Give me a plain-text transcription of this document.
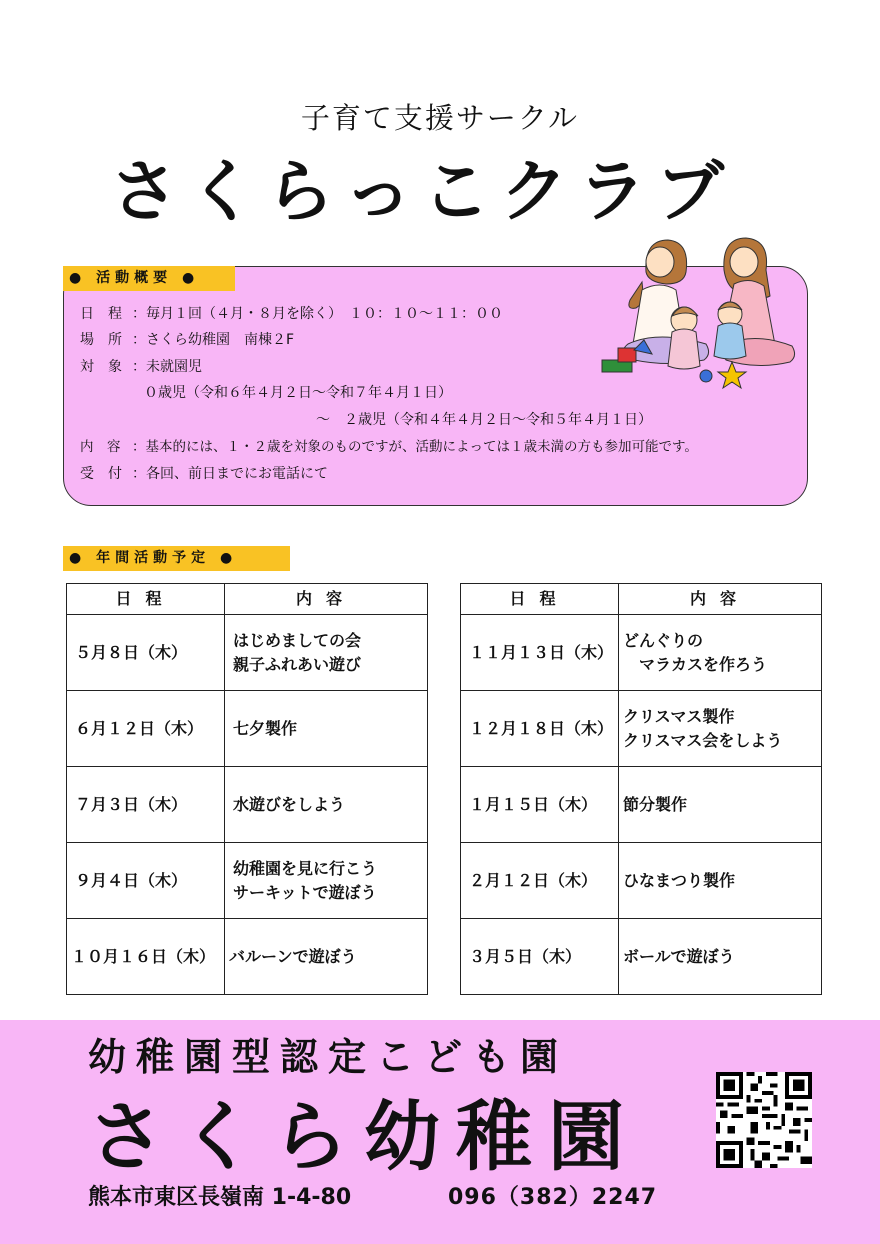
子育て支援サークル
さくらっこクラブ
● 活動概要 ●
日　程 ：毎月１回（４月・８月を除く）　１０：１０～１１：００
場　所 ：さくら幼稚園　南棟２F
対　象 ：未就園児
０歳児（令和６年４月２日～令和７年４月１日）
～　２歳児（令和４年４月２日～令和５年４月１日）
内　容 ：基本的には、１・２歳を対象のものですが、活動によっては１歳未満の方も参加可能です。
受　付 ：各回、前日までにお電話にて
● 年間活動予定 ●
日程	内容
５月８日（木）	はじめましての会
親子ふれあい遊び

６月１２日（木）	七夕製作

７月３日（木）	水遊びをしよう

９月４日（木）	幼稚園を見に行こう
サーキットで遊ぼう

１０月１６日（木）	バルーンで遊ぼう
日程	内容
１１月１３日（木）	どんぐりの
　マラカスを作ろう

１２月１８日（木）	クリスマス製作
クリスマス会をしよう

１月１５日（木）	節分製作

２月１２日（木）	ひなまつり製作

３月５日（木）	ボールで遊ぼう
幼稚園型認定こども園
さくら幼稚園
熊本市東区長嶺南 1-4-80	096（382）2247
